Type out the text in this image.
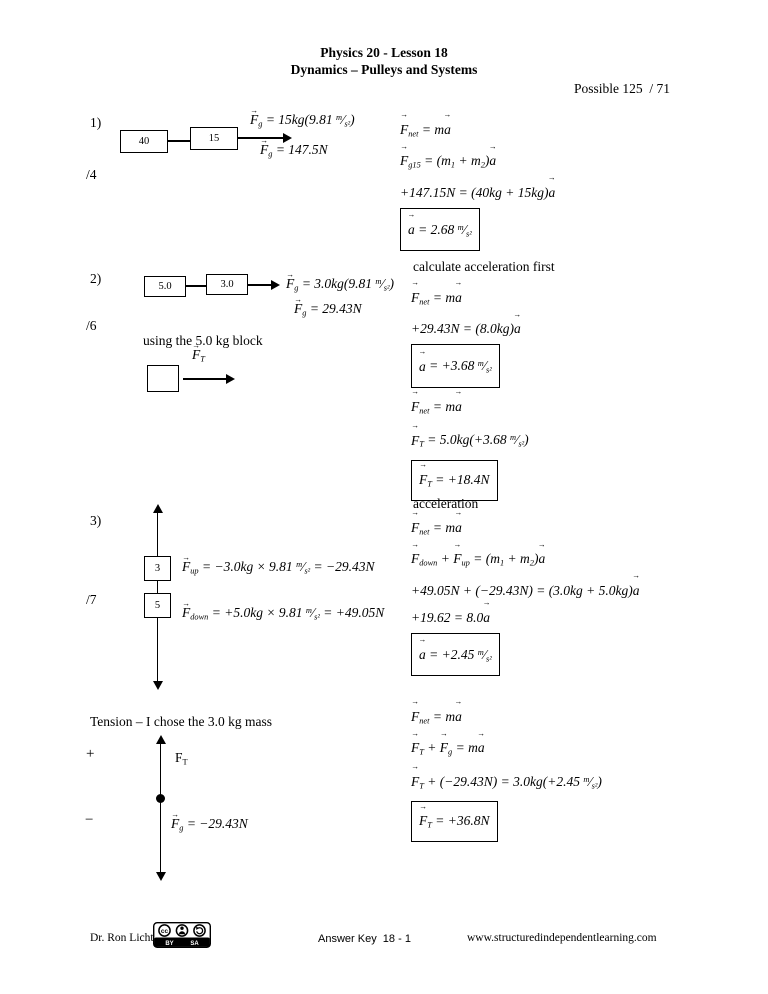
Physics 20 - Lesson 18
Dynamics – Pulleys and Systems
Possible 125  / 71
1)
40	15
$F \to_g = 15kg(9.81$ $^m⁄_{s^2}$)
$F \to_g = 147.5N$
/4
$F \to_{net}$ = ma →
$F \to_{g15} = (m_1 + m_2)a$ →
+147.15N = (40kg + 15kg)a →
a → = 2.68 $^m⁄_{s^2}$
calculate acceleration first
2)
5.0	3.0	$F \to_g = 3.0kg(9.81$ $^m⁄_{s^2}$)
$F \to_g = 29.43N$
/6
using the 5.0 kg block
$F \to_T$
$F \to_{net}$ = ma →
+29.43N = (8.0kg)a →
a → = +3.68 $^m⁄_{s^2}$
$F \to_{net}$ = ma →
$F \to_T = 5.0kg(+3.68$ $^m⁄_{s^2}$)
$F \to_T = +18.4N$
acceleration
3)
3
5
$F \to_{up} = -3.0kg \times 9.81$ $^m⁄_{s^2} = -29.43N$
/7
$F \to_{down} = +5.0kg \times 9.81$ $^m⁄_{s^2} = +49.05N$
$F \to_{net}$ = ma →
$F \to_{down} + F \to_{up} = (m_1 + m_2)a$ →
+49.05N + (−29.43N) = (3.0kg + 5.0kg)a →
+19.62 = 8.0a →
a → = +2.45 $^m⁄_{s^2}$
Tension – I chose the 3.0 kg mass
+	$F_T$
−	$F \to_g = -29.43N$
$F \to_{net}$ = ma →
$F \to_T + F \to_g$ = ma →
$F \to_T + (-29.43N) = 3.0kg(+2.45$ $^m⁄_{s^2}$)
$F \to_T = +36.8N$
Dr. Ron Licht
cc
BY	SA	Answer Key  18 - 1	www.structuredindependentlearning.com
